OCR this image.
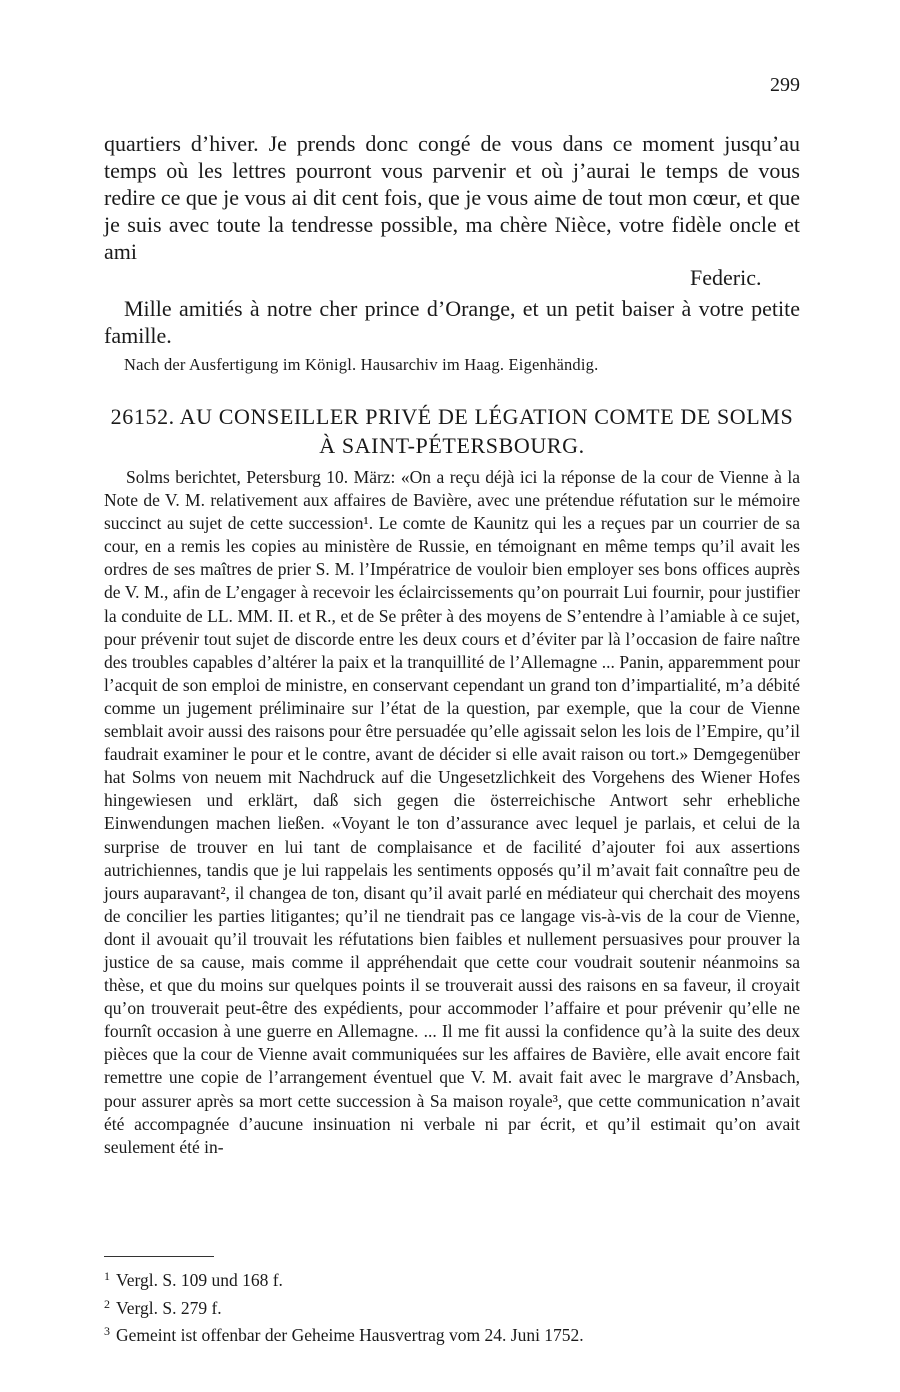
299

quartiers d’hiver. Je prends donc congé de vous dans ce moment jusqu’au temps où les lettres pourront vous parvenir et où j’aurai le temps de vous redire ce que je vous ai dit cent fois, que je vous aime de tout mon cœur, et que je suis avec toute la tendresse possible, ma chère Nièce, votre fidèle oncle et ami

Federic.

Mille amitiés à notre cher prince d’Orange, et un petit baiser à votre petite famille.

Nach der Ausfertigung im Königl. Hausarchiv im Haag. Eigenhändig.
26152. AU CONSEILLER PRIVÉ DE LÉGATION COMTE DE SOLMS À SAINT-PÉTERSBOURG.

Solms berichtet, Petersburg 10. März: «On a reçu déjà ici la réponse de la cour de Vienne à la Note de V. M. relativement aux affaires de Bavière, avec une prétendue réfutation sur le mémoire succinct au sujet de cette succession¹. Le comte de Kaunitz qui les a reçues par un courrier de sa cour, en a remis les copies au ministère de Russie, en témoignant en même temps qu’il avait les ordres de ses maîtres de prier S. M. l’Impératrice de vouloir bien employer ses bons offices auprès de V. M., afin de L’engager à recevoir les éclaircissements qu’on pourrait Lui fournir, pour justifier la conduite de LL. MM. II. et R., et de Se prêter à des moyens de S’entendre à l’amiable à ce sujet, pour prévenir tout sujet de discorde entre les deux cours et d’éviter par là l’occasion de faire naître des troubles capables d’altérer la paix et la tranquillité de l’Allemagne ... Panin, apparemment pour l’acquit de son emploi de ministre, en conservant cependant un grand ton d’impartialité, m’a débité comme un jugement préliminaire sur l’état de la question, par exemple, que la cour de Vienne semblait avoir aussi des raisons pour être persuadée qu’elle agissait selon les lois de l’Empire, qu’il faudrait examiner le pour et le contre, avant de décider si elle avait raison ou tort.» Demgegenüber hat Solms von neuem mit Nachdruck auf die Ungesetzlichkeit des Vorgehens des Wiener Hofes hingewiesen und erklärt, daß sich gegen die österreichische Antwort sehr erhebliche Einwendungen machen ließen. «Voyant le ton d’assurance avec lequel je parlais, et celui de la surprise de trouver en lui tant de complaisance et de facilité d’ajouter foi aux assertions autrichiennes, tandis que je lui rappelais les sentiments opposés qu’il m’avait fait connaître peu de jours auparavant², il changea de ton, disant qu’il avait parlé en médiateur qui cherchait des moyens de concilier les parties litigantes; qu’il ne tiendrait pas ce langage vis-à-vis de la cour de Vienne, dont il avouait qu’il trouvait les réfutations bien faibles et nullement persuasives pour prouver la justice de sa cause, mais comme il appréhendait que cette cour voudrait soutenir néanmoins sa thèse, et que du moins sur quelques points il se trouverait aussi des raisons en sa faveur, il croyait qu’on trouverait peut-être des expédients, pour accommoder l’affaire et pour prévenir qu’elle ne fournît occasion à une guerre en Allemagne. ... Il me fit aussi la confidence qu’à la suite des deux pièces que la cour de Vienne avait communiquées sur les affaires de Bavière, elle avait encore fait remettre une copie de l’arrangement éventuel que V. M. avait fait avec le margrave d’Ansbach, pour assurer après sa mort cette succession à Sa maison royale³, que cette communication n’avait été accompagnée d’aucune insinuation ni verbale ni par écrit, et qu’il estimait qu’on avait seulement été in-

$^1$ Vergl. S. 109 und 168 f.
$^2$ Vergl. S. 279 f.
$^3$ Gemeint ist offenbar der Geheime Hausvertrag vom 24. Juni 1752.
